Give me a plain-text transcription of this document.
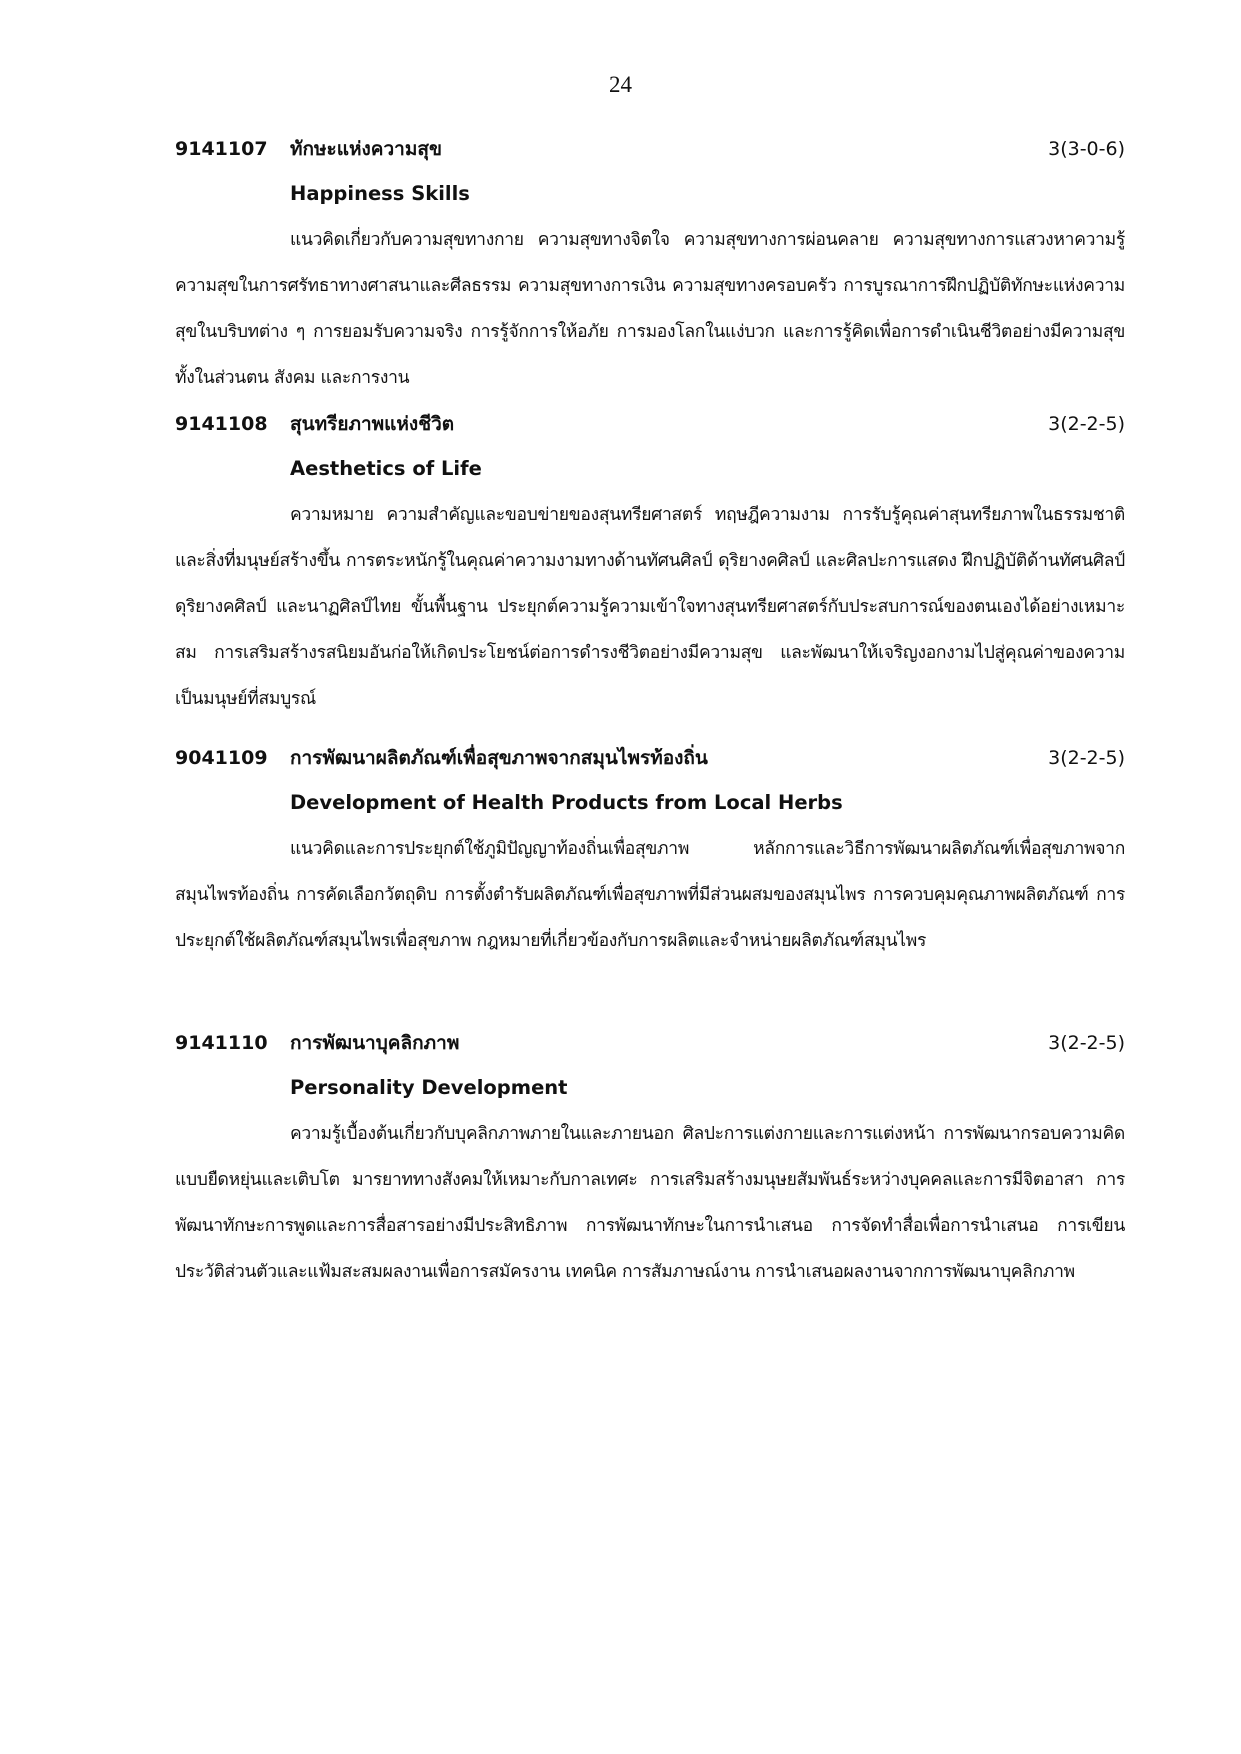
24
9141107 ทักษะแห่งความสุข	3(3-0-6)
Happiness Skills

แนวคิดเกี่ยวกับความสุขทางกาย ความสุขทางจิตใจ ความสุขทางการผ่อนคลาย ความสุขทางการแสวงหาความรู้ ความสุขในการศรัทธาทางศาสนาและศีลธรรม ความสุขทางการเงิน ความสุขทางครอบครัว การบูรณาการฝึกปฏิบัติทักษะแห่งความสุขในบริบทต่าง ๆ การยอมรับความจริง การรู้จักการให้อภัย การมองโลกในแง่บวก และการรู้คิดเพื่อการดำเนินชีวิตอย่างมีความสุขทั้งในส่วนตน สังคม และการงาน

9141108 สุนทรียภาพแห่งชีวิต	3(2-2-5)
Aesthetics of Life

ความหมาย ความสำคัญและขอบข่ายของสุนทรียศาสตร์ ทฤษฎีความงาม การรับรู้คุณค่าสุนทรียภาพในธรรมชาติและสิ่งที่มนุษย์สร้างขึ้น การตระหนักรู้ในคุณค่าความงามทางด้านทัศนศิลป์ ดุริยางคศิลป์ และศิลปะการแสดง ฝึกปฏิบัติด้านทัศนศิลป์ ดุริยางคศิลป์ และนาฏศิลป์ไทย ขั้นพื้นฐาน ประยุกต์ความรู้ความเข้าใจทางสุนทรียศาสตร์กับประสบการณ์ของตนเองได้อย่างเหมาะสม การเสริมสร้างรสนิยมอันก่อให้เกิดประโยชน์ต่อการดำรงชีวิตอย่างมีความสุข และพัฒนาให้เจริญงอกงามไปสู่คุณค่าของความเป็นมนุษย์ที่สมบูรณ์

9041109 การพัฒนาผลิตภัณฑ์เพื่อสุขภาพจากสมุนไพรท้องถิ่น	3(2-2-5)
Development of Health Products from Local Herbs

แนวคิดและการประยุกต์ใช้ภูมิปัญญาท้องถิ่นเพื่อสุขภาพ หลักการและวิธีการพัฒนาผลิตภัณฑ์เพื่อสุขภาพจากสมุนไพรท้องถิ่น การคัดเลือกวัตถุดิบ การตั้งตำรับผลิตภัณฑ์เพื่อสุขภาพที่มีส่วนผสมของสมุนไพร การควบคุมคุณภาพผลิตภัณฑ์ การประยุกต์ใช้ผลิตภัณฑ์สมุนไพรเพื่อสุขภาพ กฎหมายที่เกี่ยวข้องกับการผลิตและจำหน่ายผลิตภัณฑ์สมุนไพร

9141110 การพัฒนาบุคลิกภาพ	3(2-2-5)
Personality Development

ความรู้เบื้องต้นเกี่ยวกับบุคลิกภาพภายในและภายนอก ศิลปะการแต่งกายและการแต่งหน้า การพัฒนากรอบความคิดแบบยืดหยุ่นและเติบโต มารยาททางสังคมให้เหมาะกับกาลเทศะ การเสริมสร้างมนุษยสัมพันธ์ระหว่างบุคคลและการมีจิตอาสา การพัฒนาทักษะการพูดและการสื่อสารอย่างมีประสิทธิภาพ การพัฒนาทักษะในการนำเสนอ การจัดทำสื่อเพื่อการนำเสนอ การเขียนประวัติส่วนตัวและแฟ้มสะสมผลงานเพื่อการสมัครงาน เทคนิค การสัมภาษณ์งาน การนำเสนอผลงานจากการพัฒนาบุคลิกภาพ
